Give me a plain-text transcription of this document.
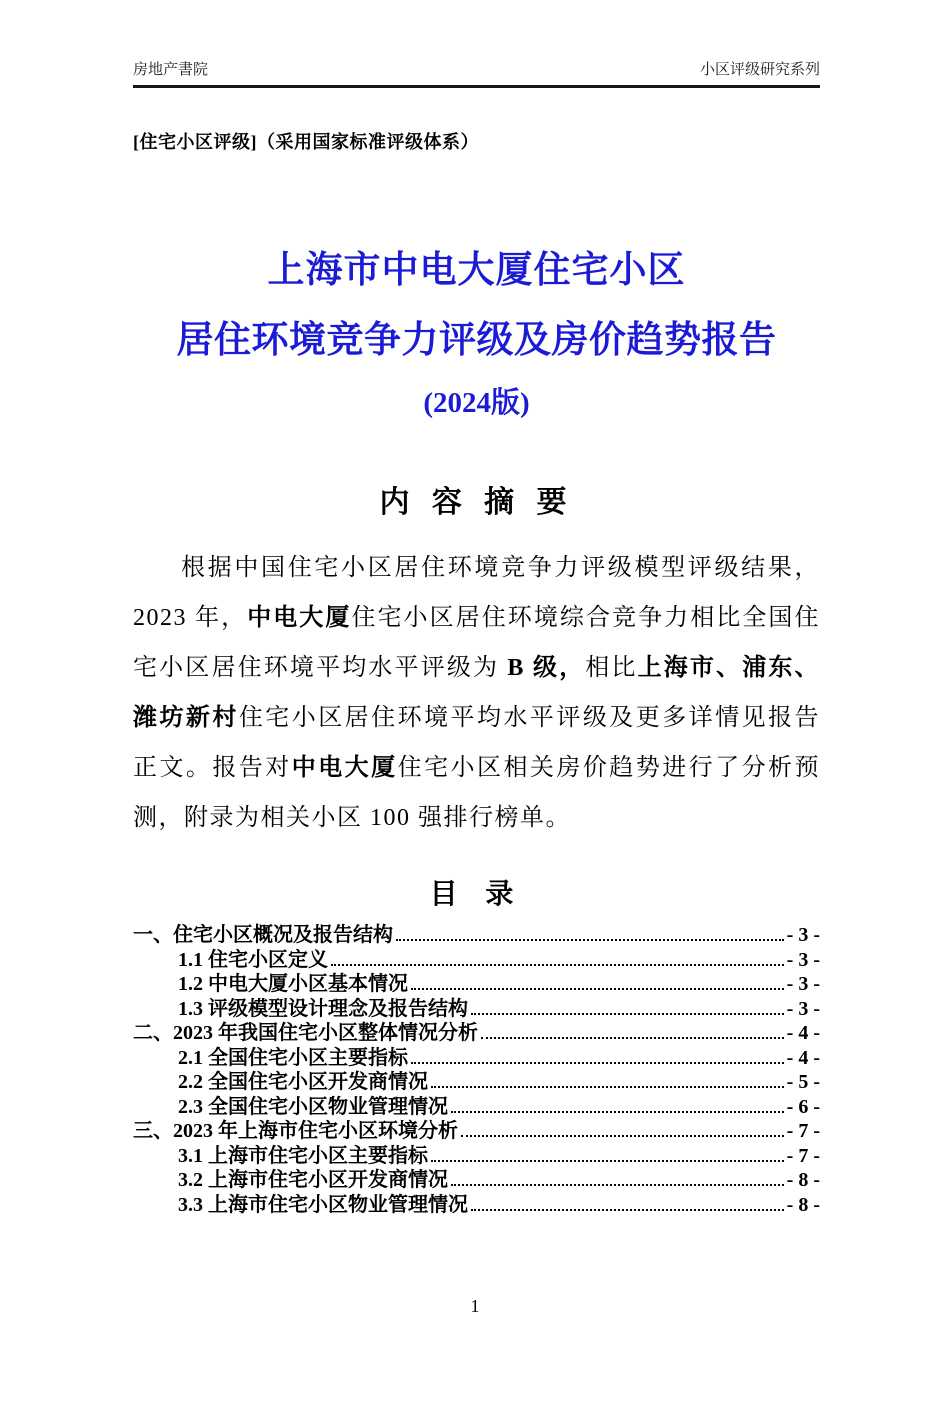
房地产書院	小区评级研究系列
[住宅小区评级]（采用国家标准评级体系）
上海市中电大厦住宅小区
居住环境竞争力评级及房价趋势报告
(2024版)
内 容 摘 要
根据中国住宅小区居住环境竞争力评级模型评级结果，2023 年，中电大厦住宅小区居住环境综合竞争力相比全国住宅小区居住环境平均水平评级为 B 级，相比上海市、浦东、潍坊新村住宅小区居住环境平均水平评级及更多详情见报告正文。报告对中电大厦住宅小区相关房价趋势进行了分析预测，附录为相关小区 100 强排行榜单。
目 录
一、住宅小区概况及报告结构	- 3 -
1.1 住宅小区定义	- 3 -
1.2 中电大厦小区基本情况	- 3 -
1.3 评级模型设计理念及报告结构	- 3 -
二、2023 年我国住宅小区整体情况分析	- 4 -
2.1 全国住宅小区主要指标	- 4 -
2.2 全国住宅小区开发商情况	- 5 -
2.3 全国住宅小区物业管理情况	- 6 -
三、2023 年上海市住宅小区环境分析	- 7 -
3.1 上海市住宅小区主要指标	- 7 -
3.2 上海市住宅小区开发商情况	- 8 -
3.3 上海市住宅小区物业管理情况	- 8 -
1
